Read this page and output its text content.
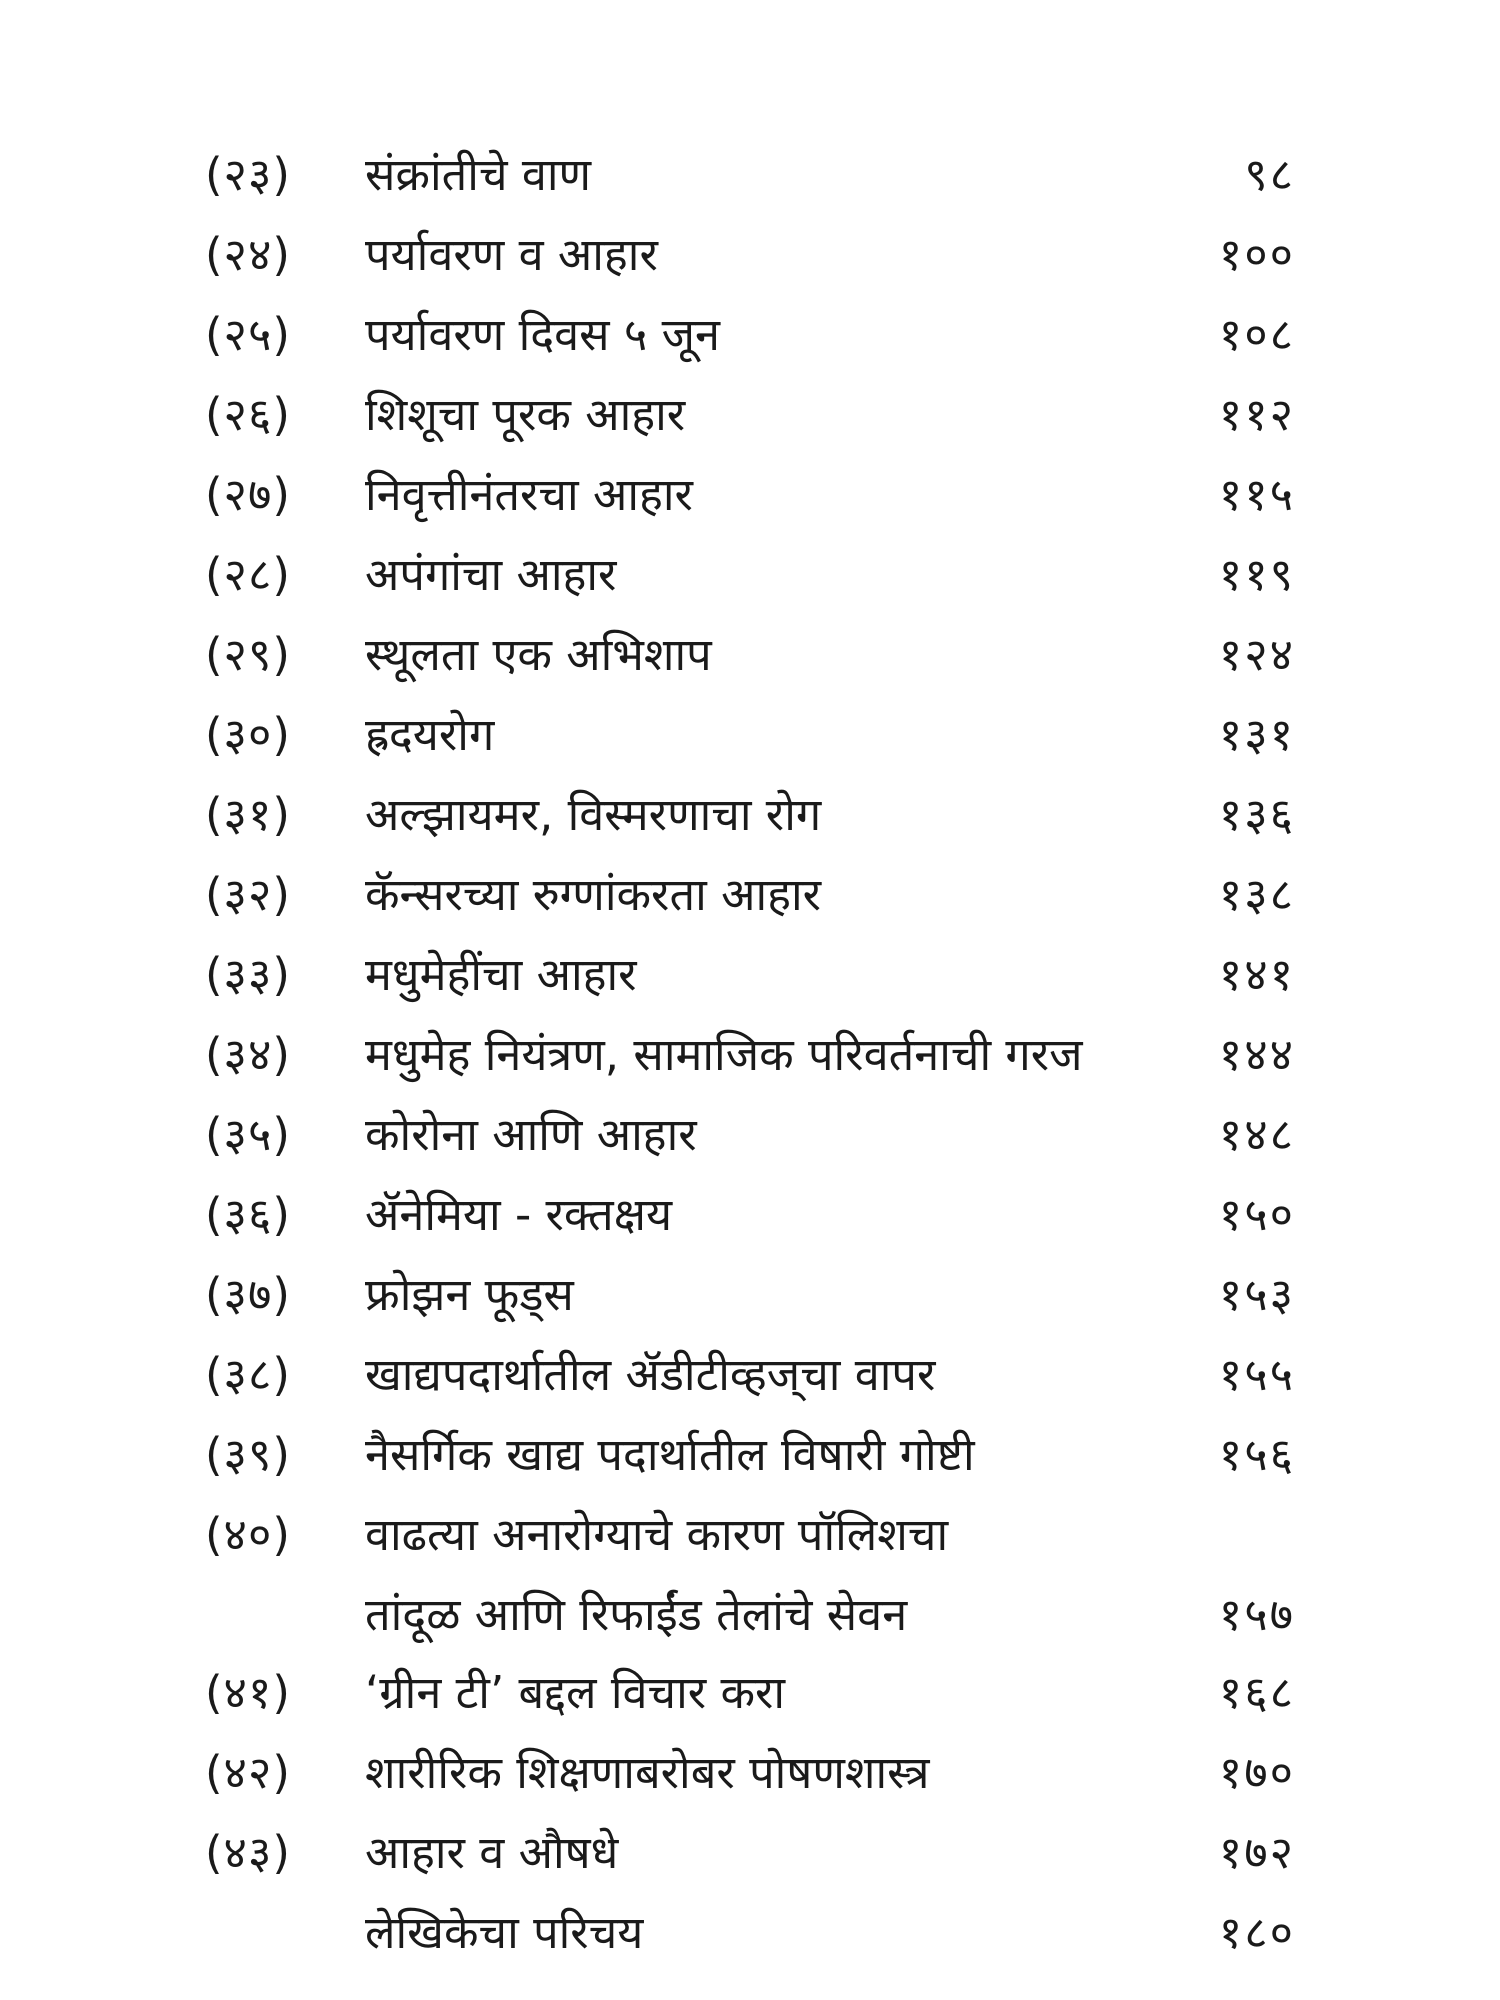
(२३)	संक्रांतीचे वाण	९८
(२४)	पर्यावरण व आहार	१००
(२५)	पर्यावरण दिवस ५ जून	१०८
(२६)	शिशूचा पूरक आहार	११२
(२७)	निवृत्तीनंतरचा आहार	११५
(२८)	अपंगांचा आहार	११९
(२९)	स्थूलता एक अभिशाप	१२४
(३०)	ह्रदयरोग	१३१
(३१)	अल्झायमर, विस्मरणाचा रोग	१३६
(३२)	कॅन्सरच्या रुग्णांकरता आहार	१३८
(३३)	मधुमेहींचा आहार	१४१
(३४)	मधुमेह नियंत्रण, सामाजिक परिवर्तनाची गरज	१४४
(३५)	कोरोना आणि आहार	१४८
(३६)	ॲनेमिया - रक्तक्षय	१५०
(३७)	फ्रोझन फूड्स	१५३
(३८)	खाद्यपदार्थातील ॲडीटीव्हज्‌चा वापर	१५५
(३९)	नैसर्गिक खाद्य पदार्थातील विषारी गोष्टी	१५६
(४०)	वाढत्या अनारोग्याचे कारण पॉलिशचा
तांदूळ आणि रिफाईंड तेलांचे सेवन	१५७
(४१)	‘ग्रीन टी’ बद्दल विचार करा	१६८
(४२)	शारीरिक शिक्षणाबरोबर पोषणशास्त्र	१७०
(४३)	आहार व औषधे	१७२
लेखिकेचा परिचय	१८०
